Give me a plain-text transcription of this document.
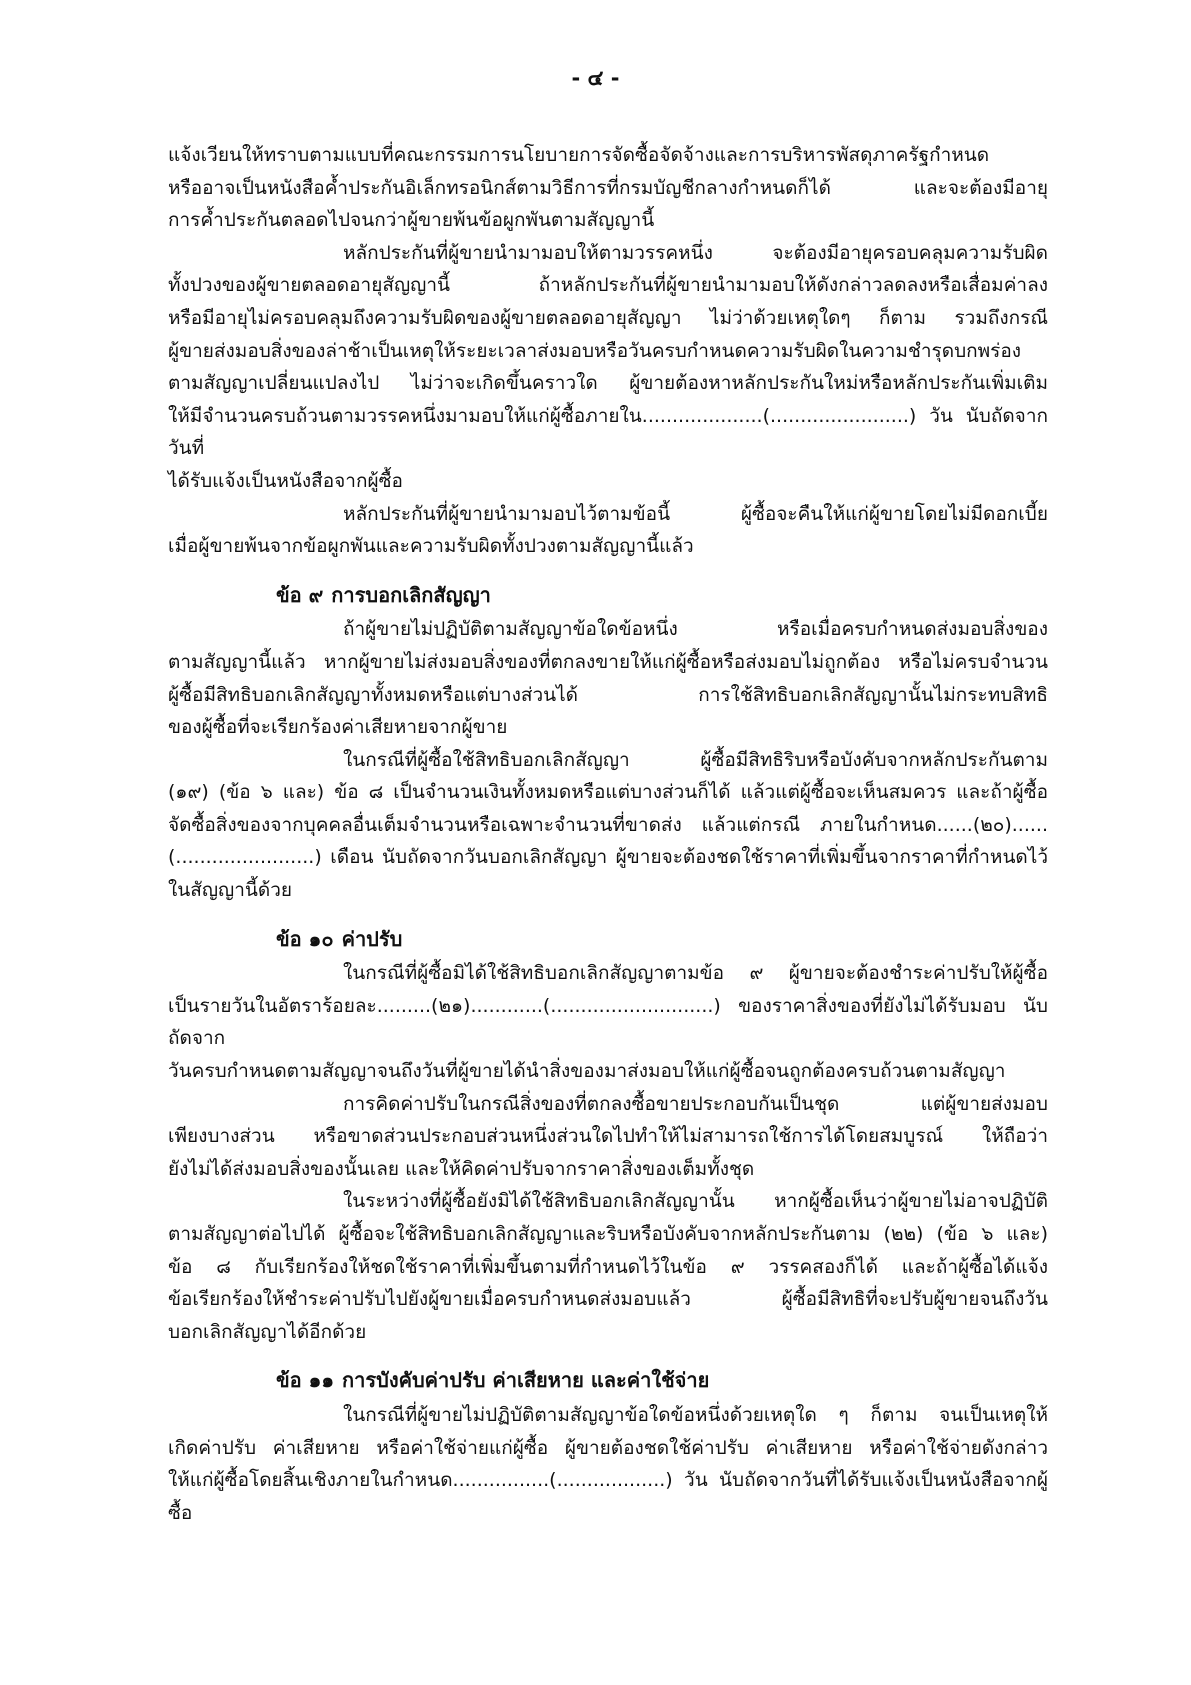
- ๔ -
แจ้งเวียนให้ทราบตามแบบที่คณะกรรมการนโยบายการจัดซื้อจัดจ้างและการบริหารพัสดุภาครัฐกำหนด
หรืออาจเป็นหนังสือค้ำประกันอิเล็กทรอนิกส์ตามวิธีการที่กรมบัญชีกลางกำหนดก็ได้ และจะต้องมีอายุ
การค้ำประกันตลอดไปจนกว่าผู้ขายพ้นข้อผูกพันตามสัญญานี้
หลักประกันที่ผู้ขายนำมามอบให้ตามวรรคหนึ่ง จะต้องมีอายุครอบคลุมความรับผิด
ทั้งปวงของผู้ขายตลอดอายุสัญญานี้ ถ้าหลักประกันที่ผู้ขายนำมามอบให้ดังกล่าวลดลงหรือเสื่อมค่าลง
หรือมีอายุไม่ครอบคลุมถึงความรับผิดของผู้ขายตลอดอายุสัญญา ไม่ว่าด้วยเหตุใดๆ ก็ตาม รวมถึงกรณี
ผู้ขายส่งมอบสิ่งของล่าช้าเป็นเหตุให้ระยะเวลาส่งมอบหรือวันครบกำหนดความรับผิดในความชำรุดบกพร่อง
ตามสัญญาเปลี่ยนแปลงไป ไม่ว่าจะเกิดขึ้นคราวใด ผู้ขายต้องหาหลักประกันใหม่หรือหลักประกันเพิ่มเติม
ให้มีจำนวนครบถ้วนตามวรรคหนึ่งมามอบให้แก่ผู้ซื้อภายใน....................(.......................) วัน นับถัดจากวันที่
ได้รับแจ้งเป็นหนังสือจากผู้ซื้อ
หลักประกันที่ผู้ขายนำมามอบไว้ตามข้อนี้ ผู้ซื้อจะคืนให้แก่ผู้ขายโดยไม่มีดอกเบี้ย
เมื่อผู้ขายพ้นจากข้อผูกพันและความรับผิดทั้งปวงตามสัญญานี้แล้ว
ข้อ ๙ การบอกเลิกสัญญา
ถ้าผู้ขายไม่ปฏิบัติตามสัญญาข้อใดข้อหนึ่ง หรือเมื่อครบกำหนดส่งมอบสิ่งของ
ตามสัญญานี้แล้ว หากผู้ขายไม่ส่งมอบสิ่งของที่ตกลงขายให้แก่ผู้ซื้อหรือส่งมอบไม่ถูกต้อง หรือไม่ครบจำนวน
ผู้ซื้อมีสิทธิบอกเลิกสัญญาทั้งหมดหรือแต่บางส่วนได้ การใช้สิทธิบอกเลิกสัญญานั้นไม่กระทบสิทธิ
ของผู้ซื้อที่จะเรียกร้องค่าเสียหายจากผู้ขาย
ในกรณีที่ผู้ซื้อใช้สิทธิบอกเลิกสัญญา ผู้ซื้อมีสิทธิริบหรือบังคับจากหลักประกันตาม
(๑๙) (ข้อ ๖ และ) ข้อ ๘ เป็นจำนวนเงินทั้งหมดหรือแต่บางส่วนก็ได้ แล้วแต่ผู้ซื้อจะเห็นสมควร และถ้าผู้ซื้อ
จัดซื้อสิ่งของจากบุคคลอื่นเต็มจำนวนหรือเฉพาะจำนวนที่ขาดส่ง แล้วแต่กรณี ภายในกำหนด......(๒๐)......
(.......................) เดือน นับถัดจากวันบอกเลิกสัญญา ผู้ขายจะต้องชดใช้ราคาที่เพิ่มขึ้นจากราคาที่กำหนดไว้
ในสัญญานี้ด้วย
ข้อ ๑๐ ค่าปรับ
ในกรณีที่ผู้ซื้อมิได้ใช้สิทธิบอกเลิกสัญญาตามข้อ ๙ ผู้ขายจะต้องชำระค่าปรับให้ผู้ซื้อ
เป็นรายวันในอัตราร้อยละ.........(๒๑)............(...........................) ของราคาสิ่งของที่ยังไม่ได้รับมอบ นับถัดจาก
วันครบกำหนดตามสัญญาจนถึงวันที่ผู้ขายได้นำสิ่งของมาส่งมอบให้แก่ผู้ซื้อจนถูกต้องครบถ้วนตามสัญญา
การคิดค่าปรับในกรณีสิ่งของที่ตกลงซื้อขายประกอบกันเป็นชุด แต่ผู้ขายส่งมอบ
เพียงบางส่วน หรือขาดส่วนประกอบส่วนหนึ่งส่วนใดไปทำให้ไม่สามารถใช้การได้โดยสมบูรณ์ ให้ถือว่า
ยังไม่ได้ส่งมอบสิ่งของนั้นเลย และให้คิดค่าปรับจากราคาสิ่งของเต็มทั้งชุด
ในระหว่างที่ผู้ซื้อยังมิได้ใช้สิทธิบอกเลิกสัญญานั้น หากผู้ซื้อเห็นว่าผู้ขายไม่อาจปฏิบัติ
ตามสัญญาต่อไปได้ ผู้ซื้อจะใช้สิทธิบอกเลิกสัญญาและริบหรือบังคับจากหลักประกันตาม (๒๒) (ข้อ ๖ และ)
ข้อ ๘ กับเรียกร้องให้ชดใช้ราคาที่เพิ่มขึ้นตามที่กำหนดไว้ในข้อ ๙ วรรคสองก็ได้ และถ้าผู้ซื้อได้แจ้ง
ข้อเรียกร้องให้ชำระค่าปรับไปยังผู้ขายเมื่อครบกำหนดส่งมอบแล้ว ผู้ซื้อมีสิทธิที่จะปรับผู้ขายจนถึงวัน
บอกเลิกสัญญาได้อีกด้วย
ข้อ ๑๑ การบังคับค่าปรับ ค่าเสียหาย และค่าใช้จ่าย
ในกรณีที่ผู้ขายไม่ปฏิบัติตามสัญญาข้อใดข้อหนึ่งด้วยเหตุใด ๆ ก็ตาม จนเป็นเหตุให้
เกิดค่าปรับ ค่าเสียหาย หรือค่าใช้จ่ายแก่ผู้ซื้อ ผู้ขายต้องชดใช้ค่าปรับ ค่าเสียหาย หรือค่าใช้จ่ายดังกล่าว
ให้แก่ผู้ซื้อโดยสิ้นเชิงภายในกำหนด................(..................) วัน นับถัดจากวันที่ได้รับแจ้งเป็นหนังสือจากผู้ซื้อ
